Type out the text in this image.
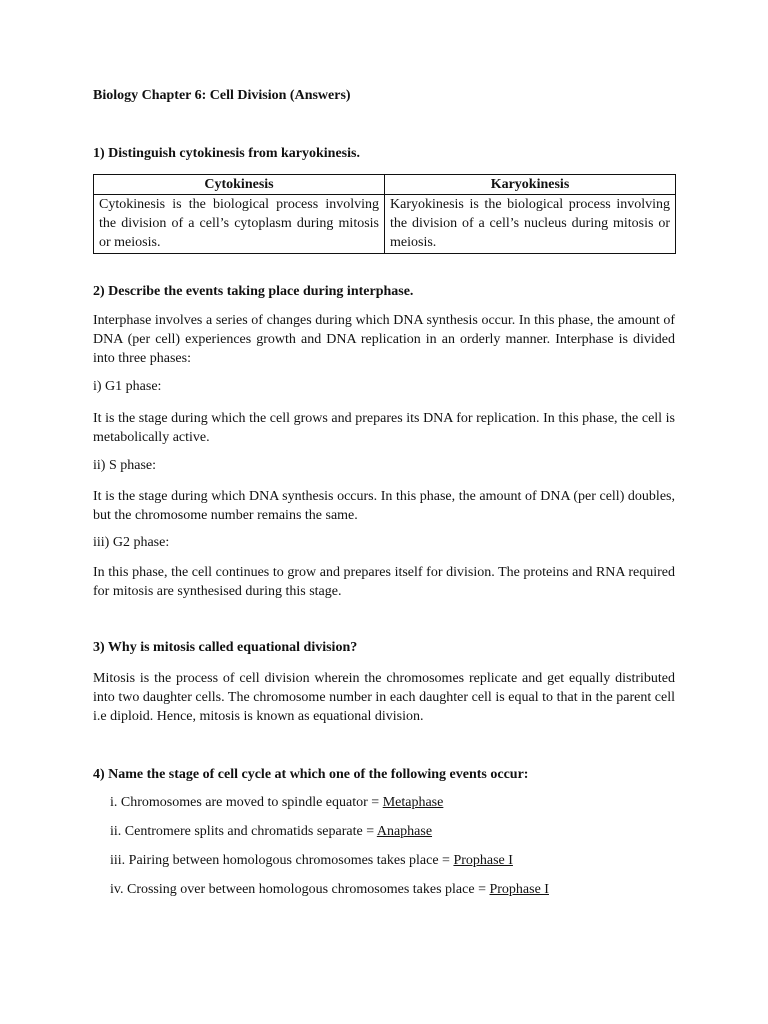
Biology Chapter 6: Cell Division (Answers)
1) Distinguish cytokinesis from karyokinesis.
Cytokinesis	Karyokinesis
Cytokinesis is the biological process involving the division of a cell’s cytoplasm during mitosis or meiosis.	Karyokinesis is the biological process involving the division of a cell’s nucleus during mitosis or meiosis.
2) Describe the events taking place during interphase.
Interphase involves a series of changes during which DNA synthesis occur. In this phase, the amount of DNA (per cell) experiences growth and DNA replication in an orderly manner. Interphase is divided into three phases:
i) G1 phase:
It is the stage during which the cell grows and prepares its DNA for replication. In this phase, the cell is metabolically active.
ii) S phase:
It is the stage during which DNA synthesis occurs. In this phase, the amount of DNA (per cell) doubles, but the chromosome number remains the same.
iii) G2 phase:
In this phase, the cell continues to grow and prepares itself for division. The proteins and RNA required for mitosis are synthesised during this stage.
3) Why is mitosis called equational division?
Mitosis is the process of cell division wherein the chromosomes replicate and get equally distributed into two daughter cells. The chromosome number in each daughter cell is equal to that in the parent cell i.e diploid. Hence, mitosis is known as equational division.
4) Name the stage of cell cycle at which one of the following events occur:
i. Chromosomes are moved to spindle equator = Metaphase
ii. Centromere splits and chromatids separate = Anaphase
iii. Pairing between homologous chromosomes takes place = Prophase I
iv. Crossing over between homologous chromosomes takes place = Prophase I
